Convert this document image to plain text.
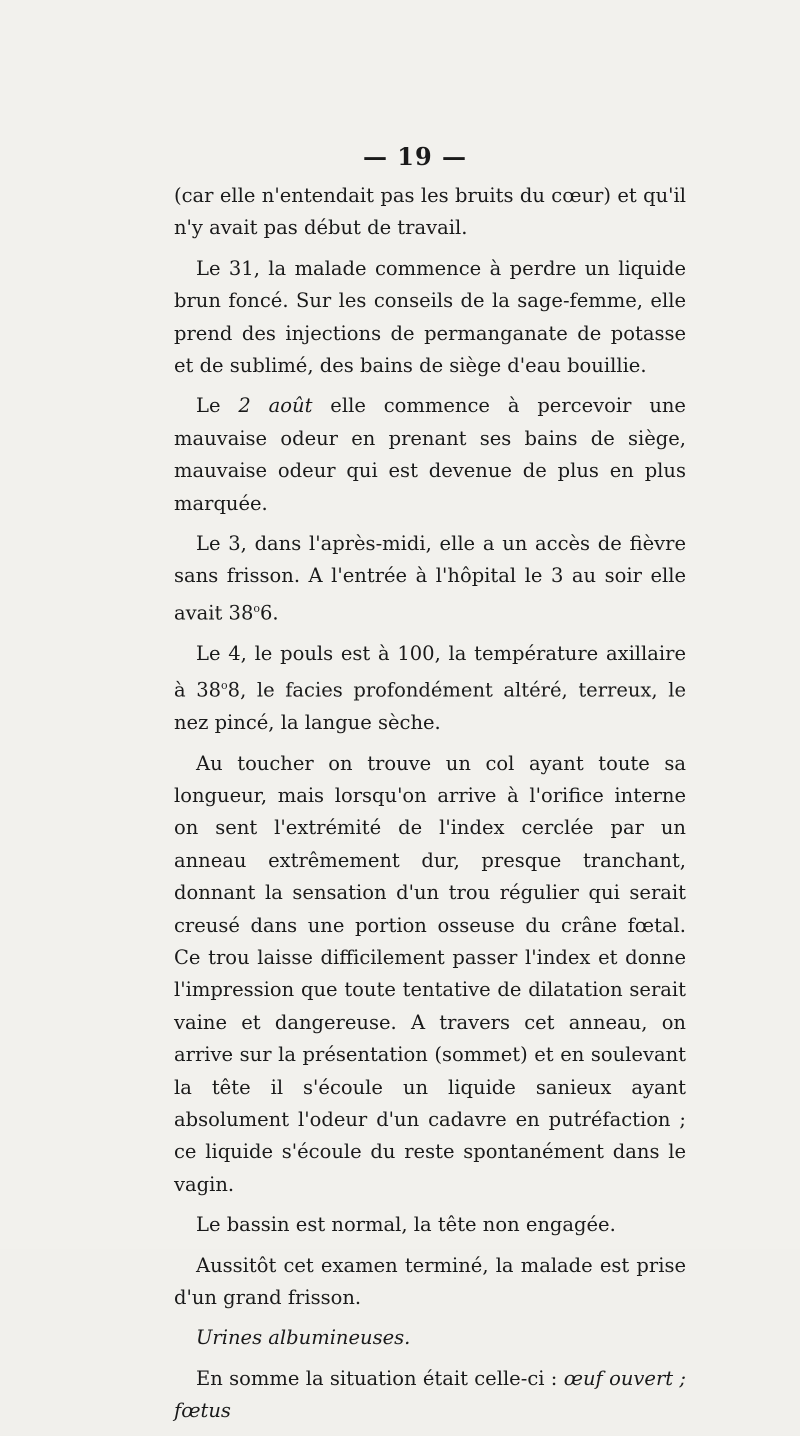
— 19 —

(car elle n'entendait pas les bruits du cœur) et qu'il n'y avait pas début de travail.

Le 31, la malade commence à perdre un liquide brun foncé. Sur les conseils de la sage-femme, elle prend des injections de permanganate de potasse et de sublimé, des bains de siège d'eau bouillie.

Le 2 août elle commence à percevoir une mauvaise odeur en prenant ses bains de siège, mauvaise odeur qui est devenue de plus en plus marquée.

Le 3, dans l'après-midi, elle a un accès de fièvre sans frisson. A l'entrée à l'hôpital le 3 au soir elle avait 38$^o$6.

Le 4, le pouls est à 100, la température axillaire à 38$^o$8, le facies profondément altéré, terreux, le nez pincé, la langue sèche.

Au toucher on trouve un col ayant toute sa longueur, mais lorsqu'on arrive à l'orifice interne on sent l'extrémité de l'index cerclée par un anneau extrêmement dur, presque tranchant, donnant la sensation d'un trou régulier qui serait creusé dans une portion osseuse du crâne fœtal. Ce trou laisse difficilement passer l'index et donne l'impression que toute tentative de dilatation serait vaine et dangereuse. A travers cet anneau, on arrive sur la présentation (sommet) et en soulevant la tête il s'écoule un liquide sanieux ayant absolument l'odeur d'un cadavre en putréfaction ; ce liquide s'écoule du reste spontanément dans le vagin.

Le bassin est normal, la tête non engagée.

Aussitôt cet examen terminé, la malade est prise d'un grand frisson.

Urines albumineuses.

En somme la situation était celle-ci : œuf ouvert ; fœtus
